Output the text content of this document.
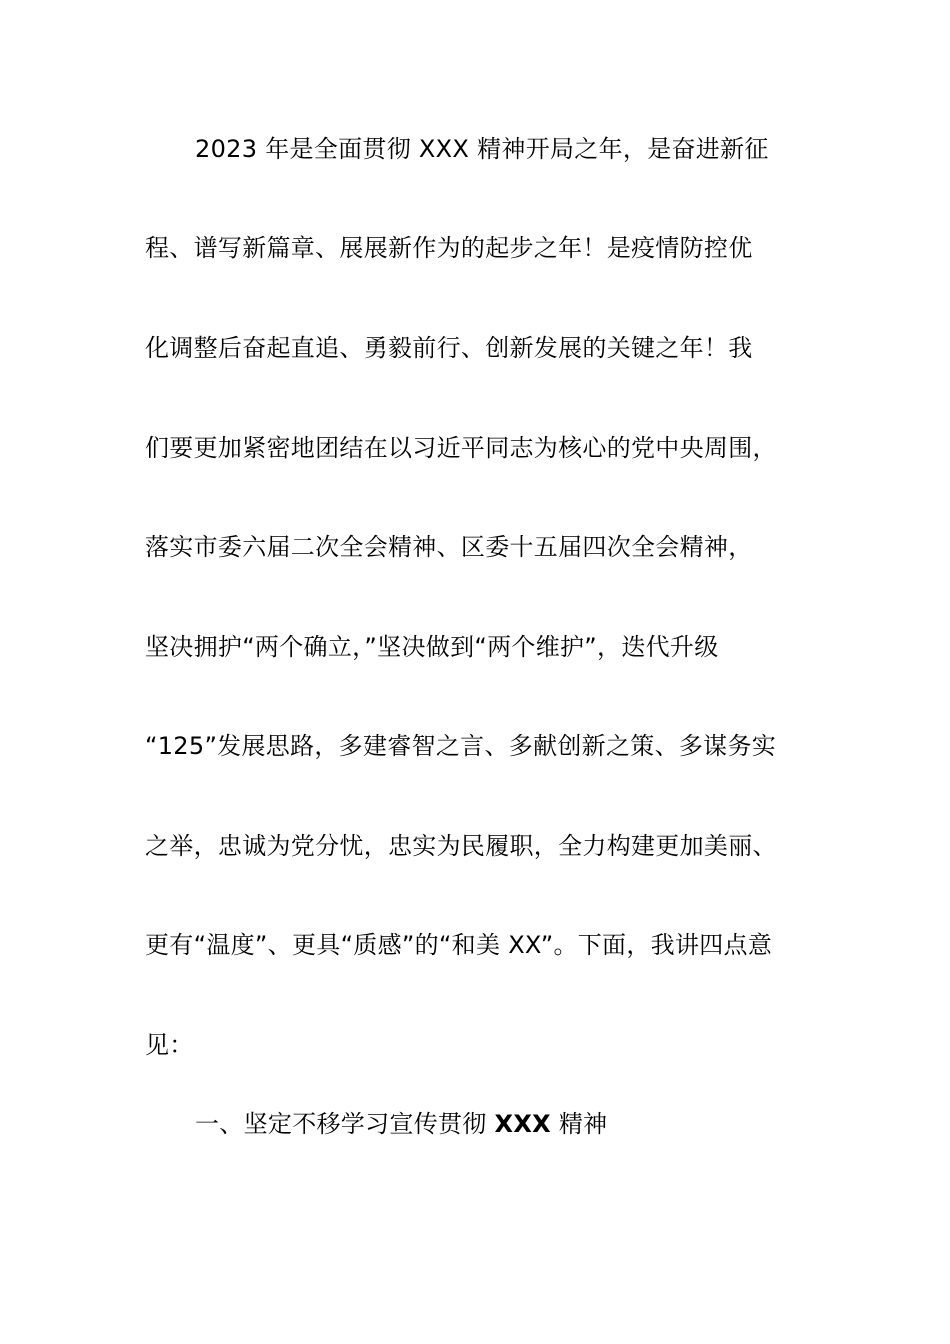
2023 年是全面贯彻 XXX 精神开局之年，是奋进新征
程、谱写新篇章、展展新作为的起步之年！是疫情防控优
化调整后奋起直追、勇毅前行、创新发展的关键之年！我
们要更加紧密地团结在以习近平同志为核心的党中央周围，
落实市委六届二次全会精神、区委十五届四次全会精神，
坚决拥护“两个确立，”坚决做到“两个维护”，迭代升级
“125”发展思路，多建睿智之言、多献创新之策、多谋务实
之举，忠诚为党分忧，忠实为民履职，全力构建更加美丽、
更有“温度”、更具“质感”的“和美 XX”。下面，我讲四点意
见：
一、坚定不移学习宣传贯彻 XXX 精神
